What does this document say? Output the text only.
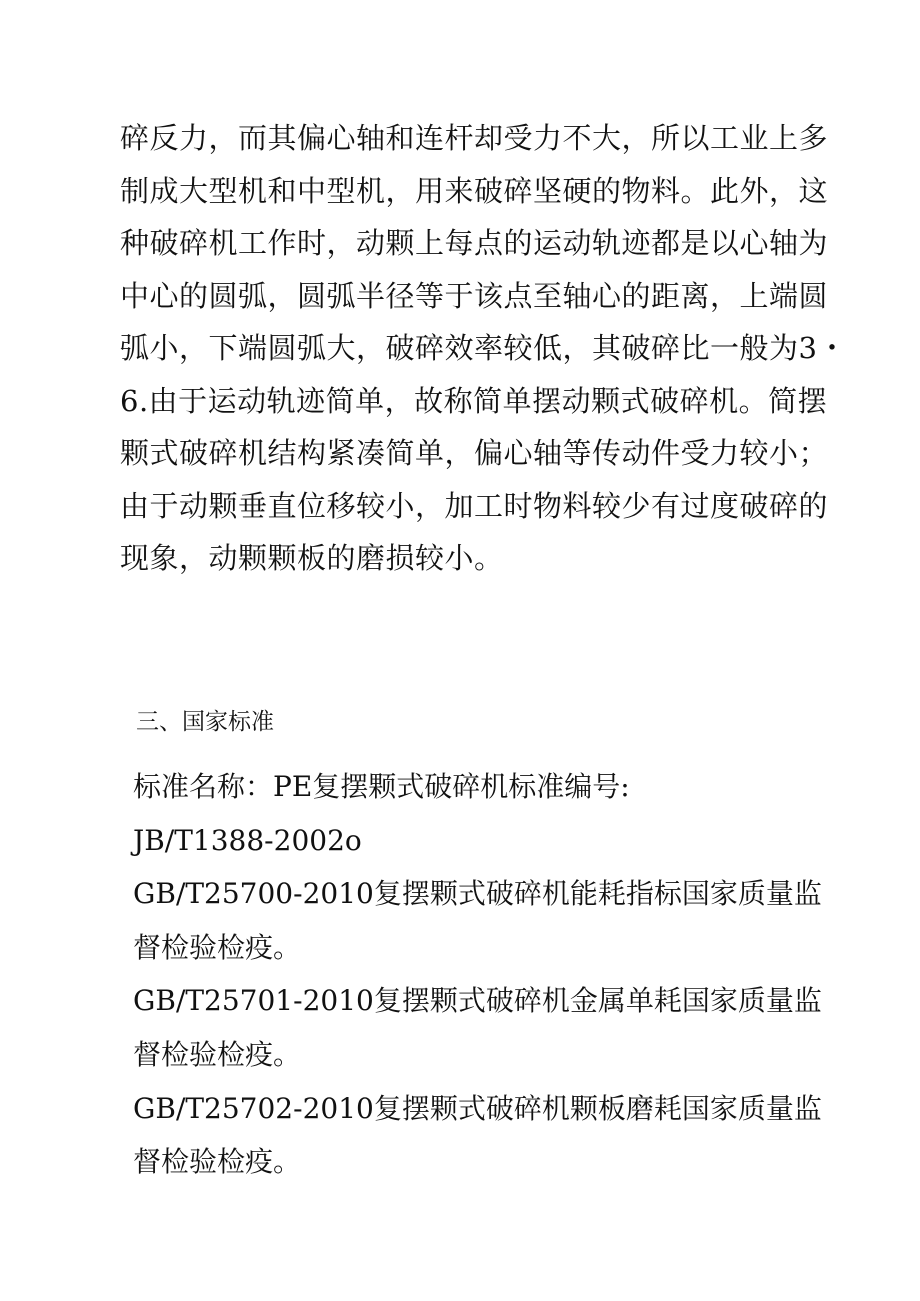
碎反力，而其偏心轴和连杆却受力不大，所以工业上多
制成大型机和中型机，用来破碎坚硬的物料。此外，这
种破碎机工作时，动颗上每点的运动轨迹都是以心轴为
中心的圆弧，圆弧半径等于该点至轴心的距离，上端圆
弧小，下端圆弧大，破碎效率较低，其破碎比一般为3・
6.由于运动轨迹简单，故称简单摆动颗式破碎机。简摆
颗式破碎机结构紧凑简单，偏心轴等传动件受力较小；
由于动颗垂直位移较小，加工时物料较少有过度破碎的
现象，动颗颗板的磨损较小。
三、国家标准
标准名称：PE复摆颗式破碎机标准编号:
JB/T1388-2002o
GB/T25700-2010复摆颗式破碎机能耗指标国家质量监
督检验检疫。
GB/T25701-2010复摆颗式破碎机金属单耗国家质量监
督检验检疫。
GB/T25702-2010复摆颗式破碎机颗板磨耗国家质量监
督检验检疫。
